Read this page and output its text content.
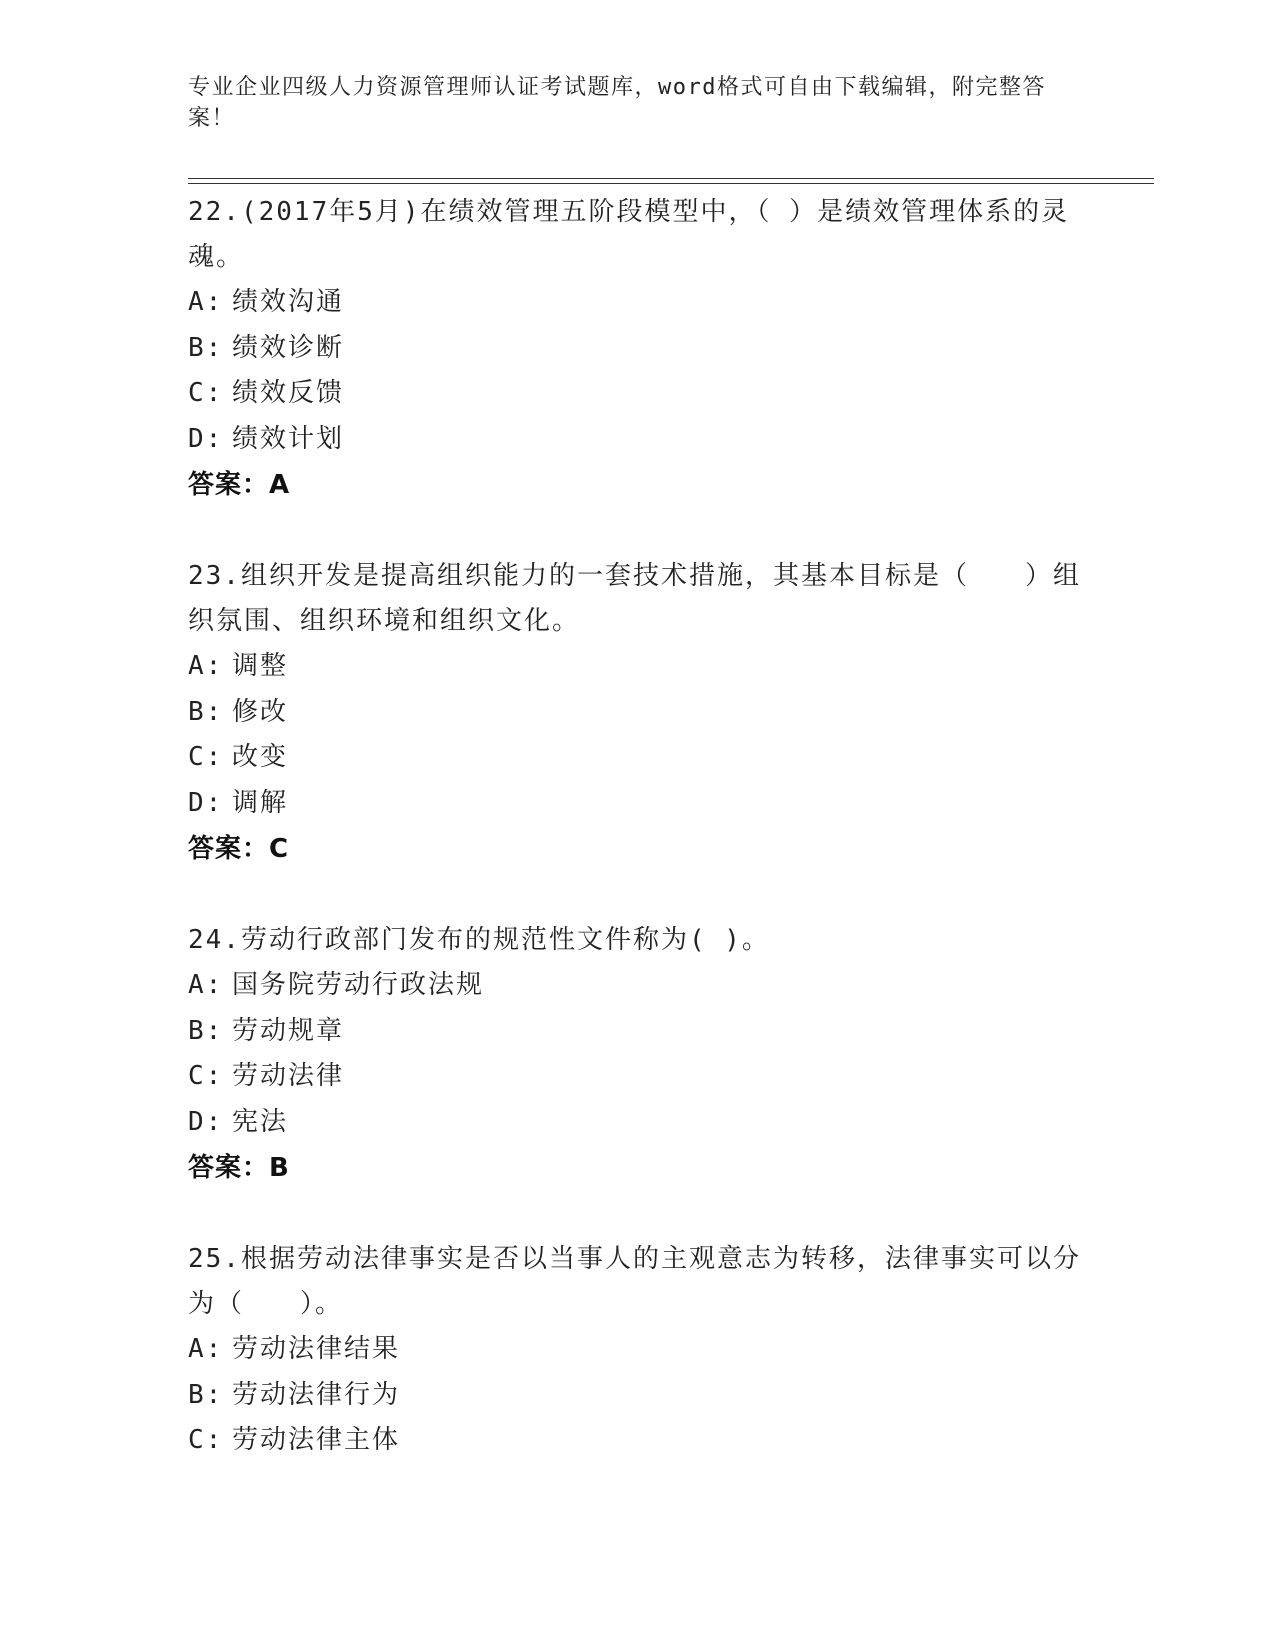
专业企业四级人力资源管理师认证考试题库，word格式可自由下载编辑，附完整答案！
22.(2017年5月)在绩效管理五阶段模型中，（ ）是绩效管理体系的灵魂。
A: 绩效沟通
B: 绩效诊断
C: 绩效反馈
D: 绩效计划
答案：A
23.组织开发是提高组织能力的一套技术措施，其基本目标是（　　）组织氛围、组织环境和组织文化。
A: 调整
B: 修改
C: 改变
D: 调解
答案：C
24.劳动行政部门发布的规范性文件称为( )。
A: 国务院劳动行政法规
B: 劳动规章
C: 劳动法律
D: 宪法
答案：B
25.根据劳动法律事实是否以当事人的主观意志为转移，法律事实可以分为（　　）。
A: 劳动法律结果
B: 劳动法律行为
C: 劳动法律主体
